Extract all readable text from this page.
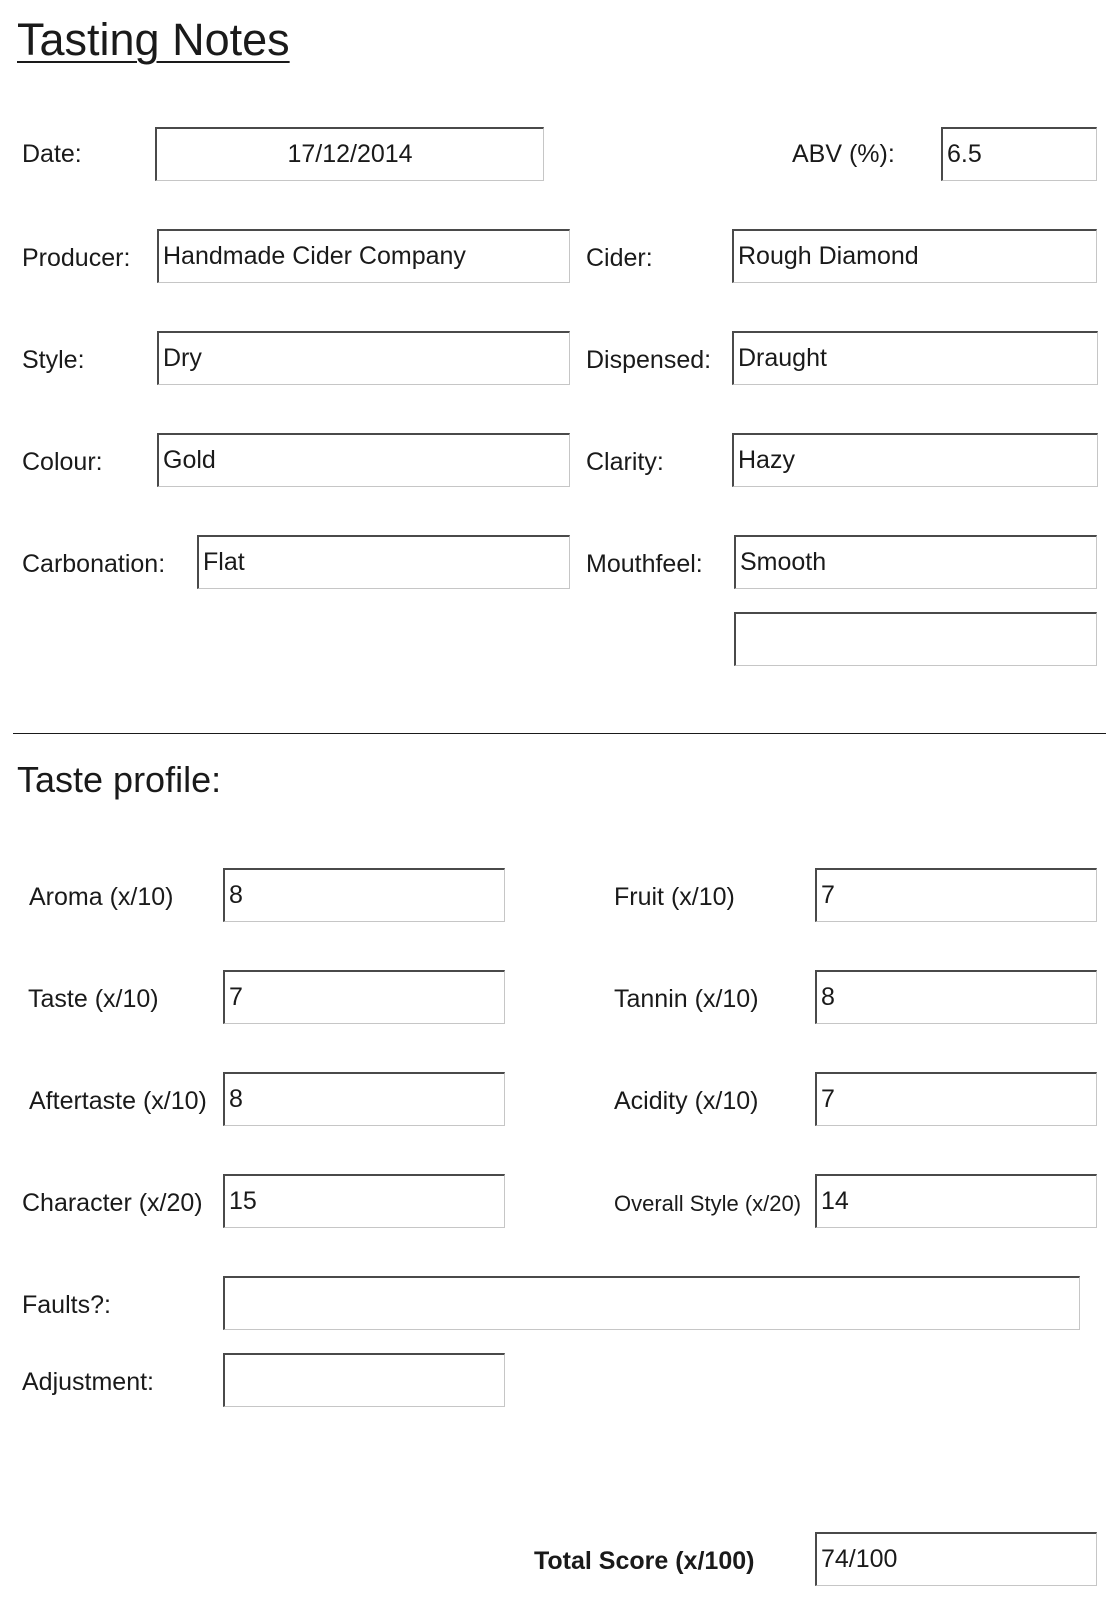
Tasting Notes
Date:	17/12/2014	ABV (%): 6.5
Producer: Handmade Cider Company	Cider:	Rough Diamond
Style:	Dry	Dispensed: Draught
Colour: Gold	Clarity:	Hazy
Carbonation: Flat	Mouthfeel: Smooth
Taste profile:
Aroma (x/10) 8	Fruit (x/10)	7
Taste (x/10)	7	Tannin (x/10) 8
Aftertaste (x/10) 8	Acidity (x/10)	7
Character (x/20) 15	Overall Style (x/20) 14
Faults?:
Adjustment:
Total Score (x/100)	74/100
